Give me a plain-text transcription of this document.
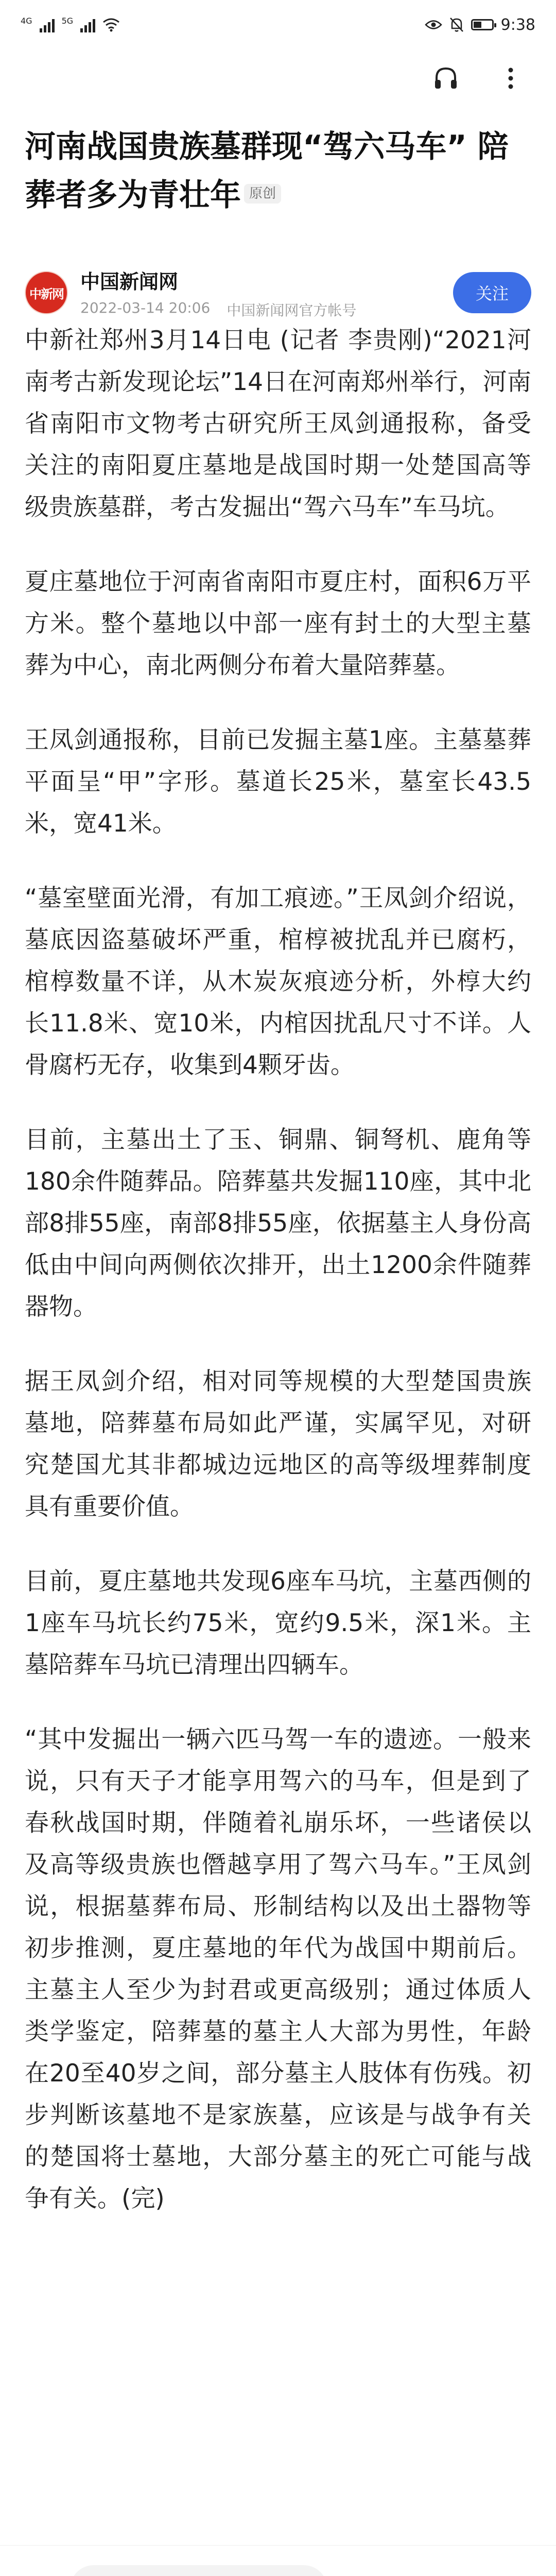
4G	5G	9:38
河南战国贵族墓群现“驾六马车” 陪葬者多为青壮年 原创
中新网
中国新闻网
2022-03-14 20:06 中国新闻网官方帐号
关注

中新社郑州3月14日电 (记者 李贵刚)“2021河南考古新发现论坛”14日在河南郑州举行，河南省南阳市文物考古研究所王凤剑通报称，备受关注的南阳夏庄墓地是战国时期一处楚国高等级贵族墓群，考古发掘出“驾六马车”车马坑。

夏庄墓地位于河南省南阳市夏庄村，面积6万平方米。整个墓地以中部一座有封土的大型主墓葬为中心，南北两侧分布着大量陪葬墓。

王凤剑通报称，目前已发掘主墓1座。主墓墓葬平面呈“甲”字形。墓道长25米，墓室长43.5米，宽41米。

“墓室壁面光滑，有加工痕迹。”王凤剑介绍说，墓底因盗墓破坏严重，棺椁被扰乱并已腐朽，棺椁数量不详，从木炭灰痕迹分析，外椁大约长11.8米、宽10米，内棺因扰乱尺寸不详。人骨腐朽无存，收集到4颗牙齿。

目前，主墓出土了玉、铜鼎、铜弩机、鹿角等180余件随葬品。陪葬墓共发掘110座，其中北部8排55座，南部8排55座，依据墓主人身份高低由中间向两侧依次排开，出土1200余件随葬器物。

据王凤剑介绍，相对同等规模的大型楚国贵族墓地，陪葬墓布局如此严谨，实属罕见，对研究楚国尤其非都城边远地区的高等级埋葬制度具有重要价值。

目前，夏庄墓地共发现6座车马坑，主墓西侧的1座车马坑长约75米，宽约9.5米，深1米。主墓陪葬车马坑已清理出四辆车。

“其中发掘出一辆六匹马驾一车的遗迹。一般来说，只有天子才能享用驾六的马车，但是到了春秋战国时期，伴随着礼崩乐坏，一些诸侯以及高等级贵族也僭越享用了驾六马车。”王凤剑说，根据墓葬布局、形制结构以及出土器物等初步推测，夏庄墓地的年代为战国中期前后。主墓主人至少为封君或更高级别；通过体质人类学鉴定，陪葬墓的墓主人大部为男性，年龄在20至40岁之间，部分墓主人肢体有伤残。初步判断该墓地不是家族墓，应该是与战争有关的楚国将士墓地，大部分墓主的死亡可能与战争有关。(完)

此内容暂不支持评论
